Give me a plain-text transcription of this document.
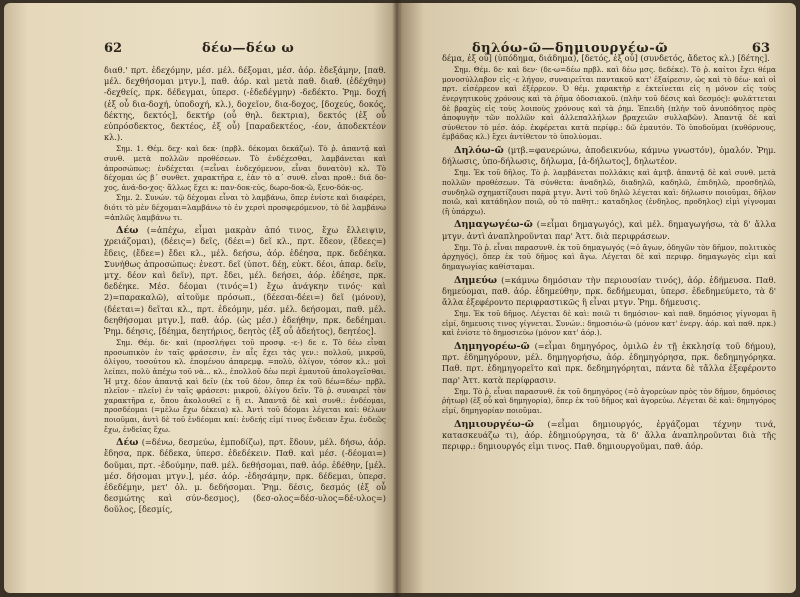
62	δέω—δέω ω

διαθ.' πρτ. ἐδεχόμην, μέσ. μέλ. δέξομαι, μέσ. ἀόρ. ἐδεξάμην, [παθ. μέλ. δεχθήσομαι μτγν.], παθ. ἀόρ. καὶ μετὰ παθ. διαθ. (ἐδέχθην) -δεχθείς, πρκ. δέδεγμαι, ὑπερσ. (-ἐδεδέγμην) -δεδέκτο. Ῥημ. δοχή (ἐξ οὗ δια-δοχή, ὑποδοχή, κλ.), δοχεῖον, δια-δοχος, [δοχεύς, δοκός, δέκτης, δεκτός], δεκτήρ (οὗ θηλ. δεκτρια), δεκτός (ἐξ οὗ εὐπρόσδεκτος, δεκτέος, ἐξ οὗ) [παραδεκτέος, -έον, ἀποδεκτέον κλ.).

Σημ. 1. Θέμ. δεχ· καὶ δεκ· (πρβλ. δέκομαι δεκάζω). Τὸ ῥ. ἀπαντᾷ καὶ συνθ. μετὰ πολλῶν προθέσεων. Τὸ ἐνδέχεσθαι, λαμβάνεται καὶ ἀπροσώπως: ἐνδέχεται (=εἶναι ἐνδεχόμενον, εἶναι δυνατὸν) κλ. Τὸ δέχομαι ὡς β΄ συνθετ. χαρακτῆρα ε, ἐὰν τὸ α΄ συνθ. εἶναι προθ.: διά δο-χος, ἀνά-δο-χος· ἄλλως ἔχει κ: παν-δοκ-εύς, δωρο-δοκ-ῶ, ξενο-δόκ-ος.

Σημ. 2. Συνών. τῷ δέχομαι εἶναι τὸ λαμβάνω, ὅπερ ἐνίοτε καὶ διαφέρει, διότι τὸ μὲν δέχομαι=λαμβάνω τὸ ἐν χερσὶ προσφερόμενον, τὸ δὲ λαμβάνω =ἁπλῶς λαμβάνω τι.

Δέω (=ἀπέχω, εἶμαι μακρὰν ἀπό τινος, ἔχω ἔλλειψιν, χρειάζομαι), (δέεις=) δεῖς, (δέει=) δεῖ κλ., πρτ. ἔδεον, (ἔδεες=) ἔδεις, (ἔδεε=) ἔδει κλ., μέλ. δεήσω, ἀόρ. ἐδέησα, πρκ. δεδέηκα. Συνήθως ἀπροσώπως: ἐνεστ. δεῖ (ὑποτ. δέῃ, εὐκτ. δέοι, ἀπαρ. δεῖν, μτχ. δέον καὶ δεῖν), πρτ. ἔδει, μέλ. δεήσει, ἀόρ. ἐδέησε, πρκ. δεδέηκε. Μέσ. δέομαι (τινός=1) ἔχω ἀνάγκην τινός· καὶ 2)=παρακαλῶ), αἰτοῦμε πρόσωπ., (δέεσαι-δέει=) δεῖ (μόνον), (δέεται=) δεῖται κλ., πρτ. ἐδεόμην, μέσ. μέλ. δεήσομαι, παθ. μέλ. δεηθήσομαι μτγν.], παθ. ἀόρ. (ὡς μέσ.) ἐδεήθην, πρκ. δεδέημαι. Ῥημ. δέησις, [δέημα, δεητήριος, δεητὸς (ἐξ οὗ ἀδεήτος), δεητέος].

Σημ. Θέμ. δε· καὶ (προσλήψει τοῦ προσφ. -ε-) δε ε. Τὸ δέω εἶναι προσωπικὸν ἐν ταῖς φράσεσιν, ἐν αἷς ἔχει τὰς γεν.: πολλοῦ, μικροῦ, ὀλίγου, τοσούτου κλ. ἑπομένου ἀπαρεμφ. =πολὺ, ὀλίγον, τόσον κλ.: μοὶ λείπει, πολὺ ἀπέχω τοῦ νὰ... κλ., ἐπολλοῦ δέω περὶ ἐμαυτοῦ ἀπολογεῖσθαι. Ἡ μτχ. δέον ἀπαντᾷ καὶ δεῖν (ἐκ τοῦ δέον, ὅπερ ἐκ τοῦ δέω=δέω· πρβλ. πλεῖον - πλεῖν) ἐν ταῖς φράσεσι: μικροῦ, ὀλίγου δεῖν. Τὸ ῥ. συναιρεῖ τὸν χαρακτῆρα ε, ὅπου ἀκολουθεῖ ε ἢ ει. Ἀπαντᾷ δὲ καὶ συνθ.: ἐνδέομαι, προσδέομαι (=μὲλω ἔχω δέκεια) κλ. Ἀντὶ τοῦ δέομαι λέγεται καί: θέλων ποιοῦμαι, ἀντὶ δὲ τοῦ ἐνδέομαι καί: ἐνδεής εἰμί τινος ἔνδειαν ἔχω. ἐνδεῶς ἔχω, ἐνδεῖας ἔχω.

Δέω (=δένω, δεσμεύω, ἐμποδίζω), πρτ. ἔδουν, μέλ. δήσω, ἀόρ. ἔδησα, πρκ. δέδεκα, ὑπερσ. ἐδεδέκειν. Παθ. καὶ μέσ. (-δέομαι=) δοῦμαι, πρτ. -ἐδούμην, παθ. μέλ. δεθήσομαι, παθ. ἀόρ. ἐδέθην, [μέλ. μέσ. δήσομαι μτγν.], μέσ. ἀόρ. -ἐδησάμην, πρκ. δέδεμαι, ὑπερσ. ἐδεδέμην, μετ' ὀλ. μ. δεδήσομαι. Ῥημ. δέσις, δεσμός (ἐξ οὗ δεσμώτης καὶ σύν-δεσμος), (δεσ-ολος=δέσ-υλος=δέ-υλος=) δοῦλος, [δεσμίς,

δηλόω-ῶ—δημιουργέω-ῶ	63

δέμα, ἐξ οὗ] (ὑπόδημα, διάδημα), [δετός, ἐξ οὗ] (συνδετός, ἄδετος κλ.) [δέτης].

Σημ. Θέμ. δε· καὶ δεν· (δε-ω=δέω πρβλ. καὶ δέω μσς. δεδέκε). Τὸ ῥ. καίτοι ἔχει θέμα μονοσύλλαβον εἰς -ε λήγον, συναιρεῖται παντακοῦ κατ' ἐξαίρεσιν, ὡς καὶ τὸ δέω· καὶ οἱ πρτ. εἰσέρρεον καὶ ἐξέρρεον. Ὁ θέμ. χαρακτὴρ ε ἐκτείνεται εἰς η μόνον εἰς τοὺς ἐνεργητικοὺς χρόνους καὶ τὰ ῥῆμα ὁδοσιακοῦ. (πλὴν τοῦ δέσις καὶ δεσμός): φυλάττεται δὲ βραχὺς εἰς τοὺς λοιποὺς χρόνους καὶ τὰ ῥημ. Ἐπειδὴ (πλὴν τοῦ ἀνυπόδητος πρὸς ἀποφυγὴν τῶν πολλῶν καὶ ἀλλεπαλλήλων βραχειῶν συλλαβῶν). Ἀπαντᾷ δὲ καὶ σύνθετον τὸ μέσ. ἀόρ. ἐκφέρεται κατὰ περίφρ.: δῶ ἐμαυτόν. Τὸ ὑποδοῦμαι (κυθόρνους, ἐμβάδας κλ.) ἔχει ἀντίθετον τὸ ὑπολύομαι.

Δηλόω-ῶ (μτβ.=φανερώνω, ἀποδεικνύω, κάμνω γνωστόν), ὁμαλόν. Ῥημ. δήλωσις, ὑπο-δήλωσις, δήλωμα, [ἀ-δήλωτος], δηλωτέον.

Σημ. Ἐκ τοῦ δῆλος. Τὸ ῥ. λαμβάνεται πολλάκις καὶ ἀμτβ. ἀπαντᾷ δὲ καὶ συνθ. μετὰ πολλῶν προθέσεων. Τὰ σύνθετα: ἀναδηλῶ, διαδηλῶ, καδηλῶ, ἐπιδηλῶ, προσδηλῶ, συνδηλῶ σχηματίζουσι παρὰ μτγν. Ἀντὶ τοῦ δηλῶ λέγεται καὶ: δήλωσιν ποιοῦμαι, δῆλον ποιῶ, καὶ κατάδηλον ποιῶ, οὗ τὸ παθητ.: καταδηλος (ἐνδηλος, προδηλος) εἰμὶ γίγνομαι (ἢ ὑπάρχω).

Δημαγωγέω-ῶ (=εἶμαι δημαγωγός), καὶ μέλ. δημαγωγήσω, τὰ δ' ἄλλα μτγν. ἀντὶ ἀναπληροῦνται παρ' Ἀττ. διὰ περιφράσεων.

Σημ. Τὸ ῥ. εἶναι παρασυνθ. ἐκ τοῦ δημαγωγός (=ὁ ἄγων, ὁδηγῶν τὸν δῆμον, πολιτικὸς ἀρχηγός), ὅπερ ἐκ τοῦ δῆμος καὶ ἄγω. Λέγεται δὲ καὶ περιφρ. δημαγωγὸς εἰμι καὶ δημαγωγίας καθίσταμαι.

Δημεύω (=κάμνω δημόσιαν τὴν περιουσίαν τινός), ἀόρ. ἐδήμευσα. Παθ. δημεύομαι, παθ. ἀόρ. ἐδημεύθην, πρκ. δεδήμευμαι, ὑπερσ. ἐδεδημεύμετο, τὰ δ' ἄλλα ἐξεφέροντο περιφραστικῶς ἢ εἶναι μτγν. Ῥημ. δήμευσις.

Σημ. Ἐκ τοῦ δῆμος. Λέγεται δὲ καὶ: ποιῶ τι δημόσιον· καὶ παθ. δημόσιος γίγνομαι ἢ εἰμί, δημευσις τινος γίγνεται. Συνών.: δημοσιόω-ῶ (μόνον κατ' ἐνεργ. ἀόρ. καὶ παθ. πρκ.) καὶ ἐνίοτε τὸ δημοσιεύω (μόνον κατ' ἀόρ.).

Δημηγορέω-ῶ (=εἶμαι δημηγόρος, ὁμιλῶ ἐν τῇ ἐκκλησίᾳ τοῦ δήμου), πρτ. ἐδημηγόρουν, μέλ. δημηγορήσω, ἀόρ. ἐδημηγόρησα, πρκ. δεδημηγόρηκα. Παθ. πρτ. ἐδημηγορεῖτο καὶ πρκ. δεδημηγόρηται, πάντα δὲ τἄλλα ἐξεφέροντο παρ' Ἀττ. κατὰ περίφρασιν.

Σημ. Τὸ ῥ. εἶναι παρασυνθ. ἐκ τοῦ δημηγόρος (=ὁ ἀγορεύων πρὸς τὸν δῆμον, δημόσιος ῥήτωρ) (ἐξ οὗ καὶ δημηγορία), ὅπερ ἐκ τοῦ δῆμος καὶ ἀγορεύω. Λέγεται δὲ καὶ: δημηγόρος εἰμί, δημηγορίαν ποιοῦμαι.

Δημιουργέω-ῶ (=εἶμαι δημιουργός, ἐργάζομαι τέχνην τινά, κατασκευάζω τι), ἀόρ. ἐδημιούργησα, τὰ δ' ἄλλα ἀναπληροῦνται διὰ τῆς περιφρ.: δημιουργός εἰμι τινος. Παθ. δημιουργοῦμαι, παθ. ἀόρ.
